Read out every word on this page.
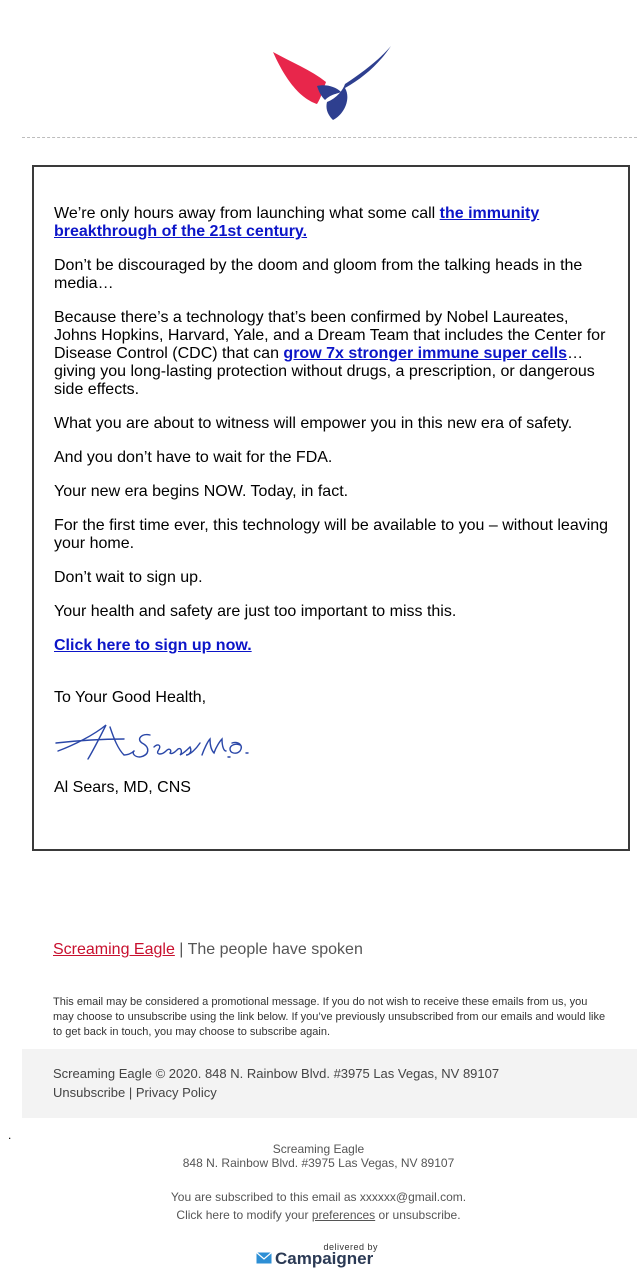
We’re only hours away from launching what some call the immunity breakthrough of the 21st century.

Don’t be discouraged by the doom and gloom from the talking heads in the media…

Because there’s a technology that’s been confirmed by Nobel Laureates, Johns Hopkins, Harvard, Yale, and a Dream Team that includes the Center for Disease Control (CDC) that can grow 7x stronger immune super cells… giving you long-lasting protection without drugs, a prescription, or dangerous side effects.

What you are about to witness will empower you in this new era of safety.

And you don’t have to wait for the FDA.

Your new era begins NOW. Today, in fact.

For the first time ever, this technology will be available to you – without leaving your home.

Don’t wait to sign up.

Your health and safety are just too important to miss this.

Click here to sign up now.

To Your Good Health,

Al Sears, MD, CNS

Screaming Eagle | The people have spoken
This email may be considered a promotional message. If you do not wish to receive these emails from us, you may choose to unsubscribe using the link below. If you’ve previously unsubscribed from our emails and would like to get back in touch, you may choose to subscribe again.
Screaming Eagle © 2020. 848 N. Rainbow Blvd. #3975 Las Vegas, NV 89107
Unsubscribe | Privacy Policy
.
Screaming Eagle
848 N. Rainbow Blvd. #3975 Las Vegas, NV 89107
You are subscribed to this email as xxxxxx@gmail.com.
Click here to modify your preferences or unsubscribe.
delivered by
Campaigner
